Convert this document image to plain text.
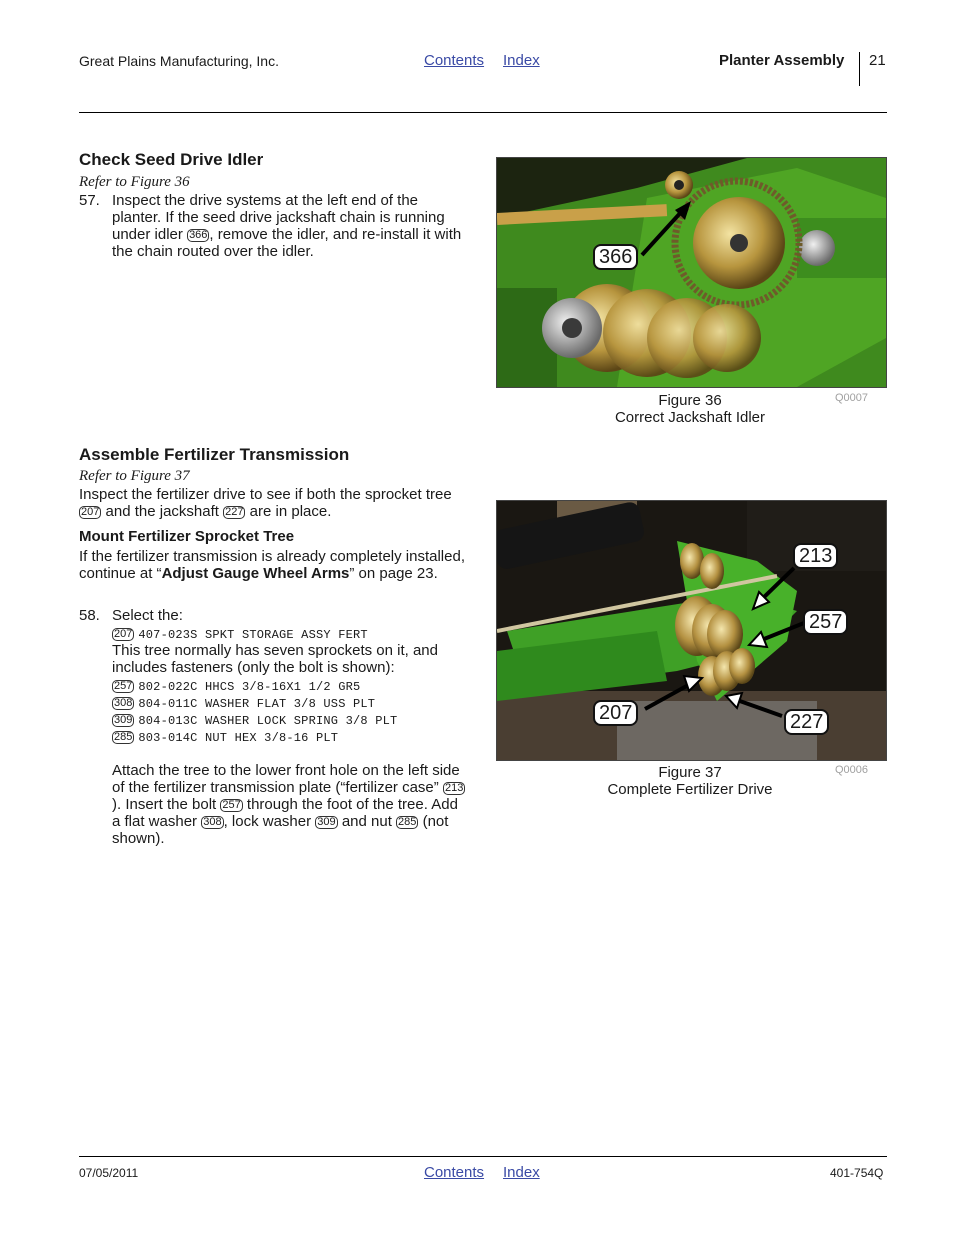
Great Plains Manufacturing, Inc.	Contents Index	Planter Assembly 21
Check Seed Drive Idler
Refer to Figure 36
57. Inspect the drive systems at the left end of the planter. If the seed drive jackshaft chain is running under idler 366 , remove the idler, and re-install it with the chain routed over the idler.	366
Figure 36
Correct Jackshaft Idler
Q0007
Assemble Fertilizer Transmission
Refer to Figure 37
Inspect the fertilizer drive to see if both the sprocket tree 207 and the jackshaft 227 are in place.
Mount Fertilizer Sprocket Tree
If the fertilizer transmission is already completely installed, continue at “Adjust Gauge Wheel Arms” on page 23.
58. Select the:
207 407-023S SPKT STORAGE ASSY FERT
This tree normally has seven sprockets on it, and includes fasteners (only the bolt is shown):
257 802-022C HHCS 3/8-16X1 1/2 GR5
308 804-011C WASHER FLAT 3/8 USS PLT
309 804-013C WASHER LOCK SPRING 3/8 PLT
285 803-014C NUT HEX 3/8-16 PLT
Attach the tree to the lower front hole on the left side of the fertilizer transmission plate (“fertilizer case” 213). Insert the bolt 257 through the foot of the tree. Add a flat washer 308 , lock washer 309 and nut 285 (not shown).
213
257
207	227
Figure 37
Complete Fertilizer Drive
Q0006
07/05/2011	Contents Index	401-754Q
